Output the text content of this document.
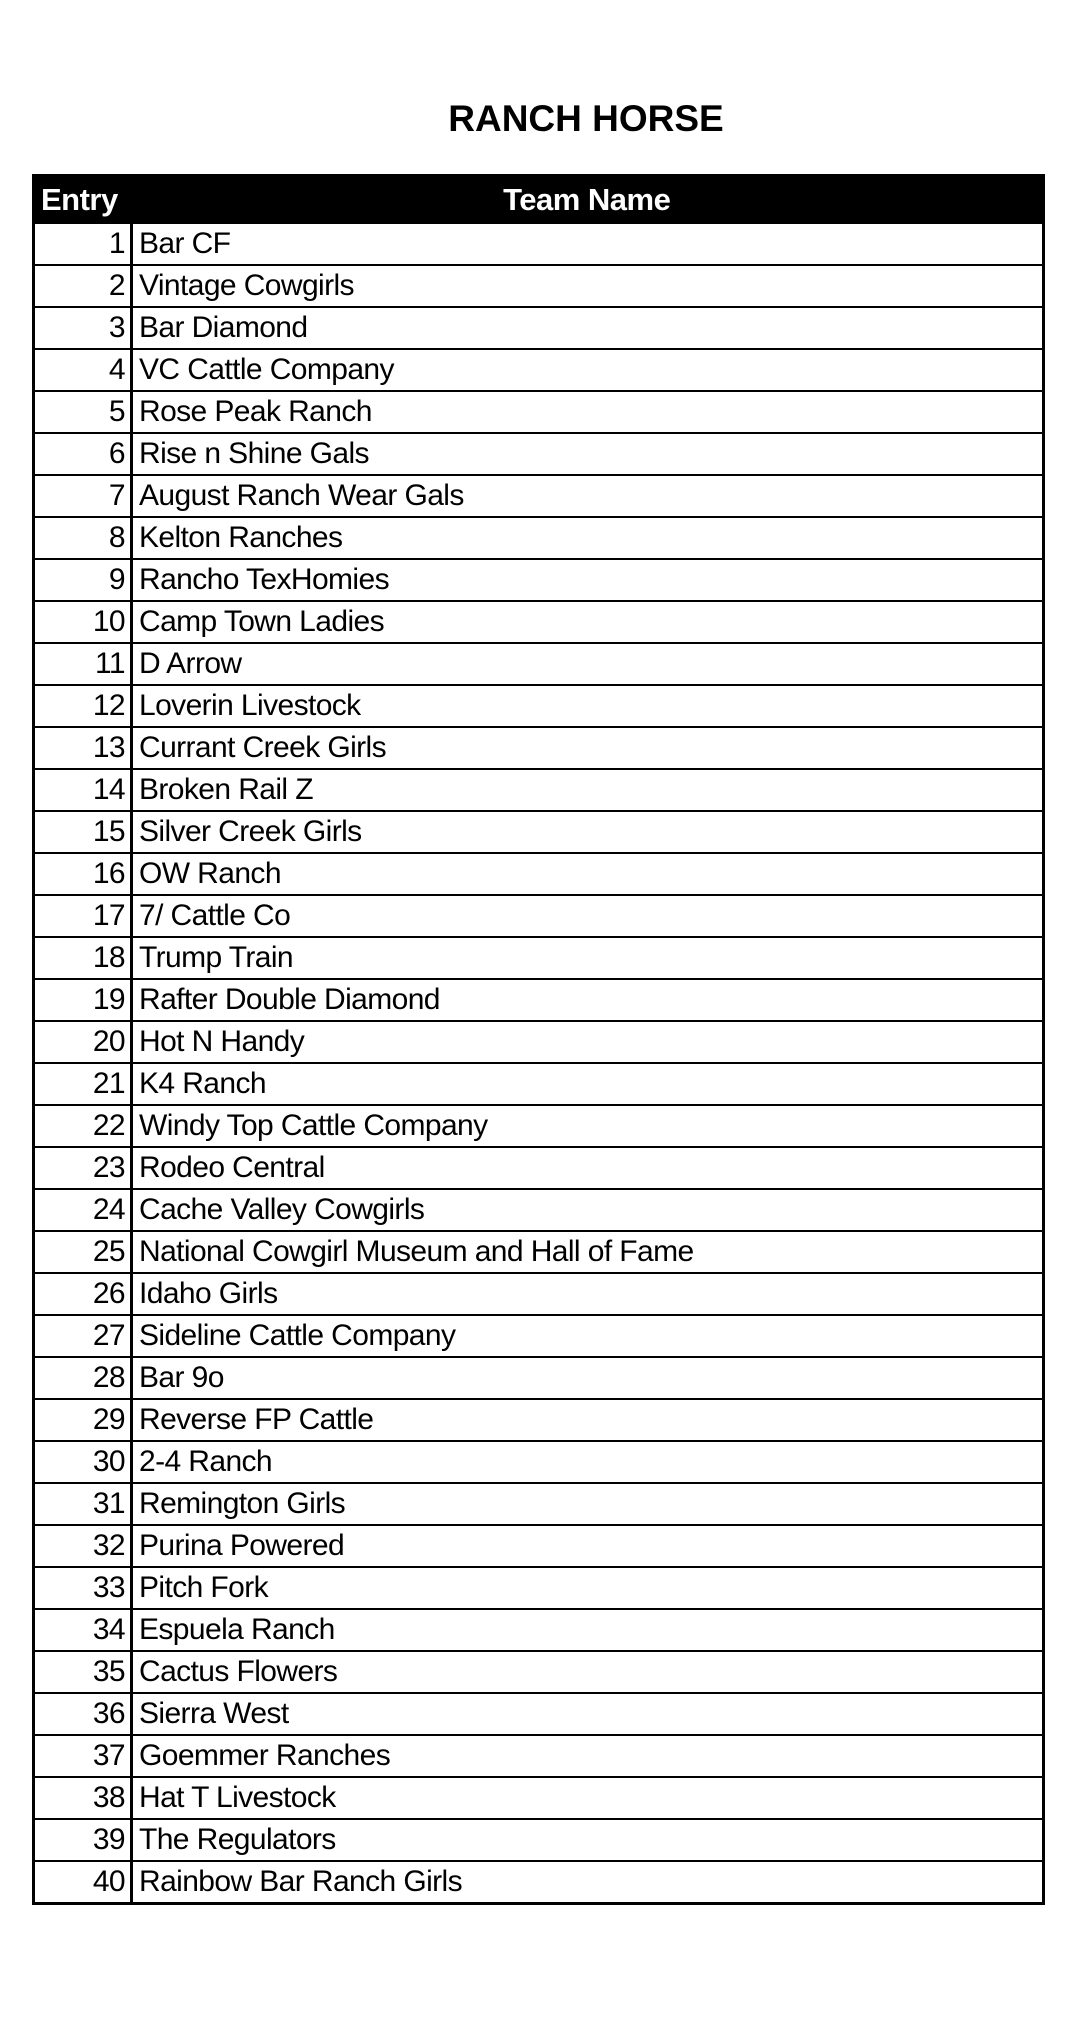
RANCH HORSE
Entry	Team Name
1	Bar CF
2	Vintage Cowgirls
3	Bar Diamond
4	VC Cattle Company
5	Rose Peak Ranch
6	Rise n Shine Gals
7	August Ranch Wear Gals
8	Kelton Ranches
9	Rancho TexHomies
10	Camp Town Ladies
11	D Arrow
12	Loverin Livestock
13	Currant Creek Girls
14	Broken Rail Z
15	Silver Creek Girls
16	OW Ranch
17	7/ Cattle Co
18	Trump Train
19	Rafter Double Diamond
20	Hot N Handy
21	K4 Ranch
22	Windy Top Cattle Company
23	Rodeo Central
24	Cache Valley Cowgirls
25	National Cowgirl Museum and Hall of Fame
26	Idaho Girls
27	Sideline Cattle Company
28	Bar 9o
29	Reverse FP Cattle
30	2-4 Ranch
31	Remington Girls
32	Purina Powered
33	Pitch Fork
34	Espuela Ranch
35	Cactus Flowers
36	Sierra West
37	Goemmer Ranches
38	Hat T Livestock
39	The Regulators
40	Rainbow Bar Ranch Girls
